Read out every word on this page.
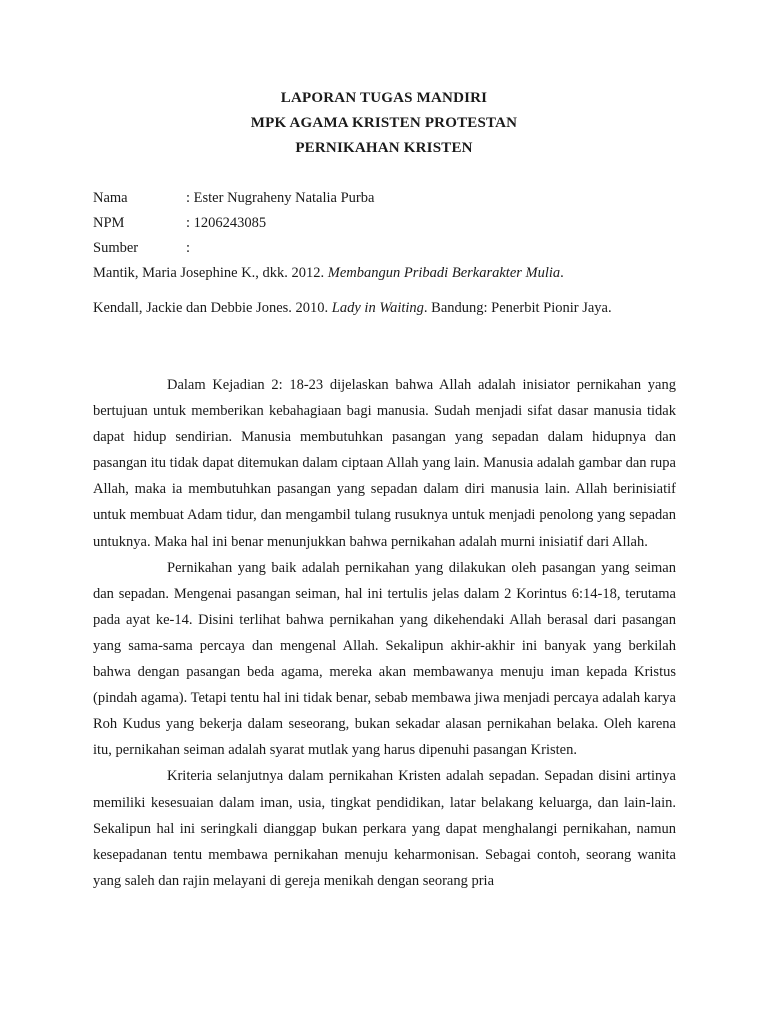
LAPORAN TUGAS MANDIRI
MPK AGAMA KRISTEN PROTESTAN
PERNIKAHAN KRISTEN
Nama	: Ester Nugraheny Natalia Purba
NPM	: 1206243085
Sumber	:
Mantik, Maria Josephine K., dkk. 2012. Membangun Pribadi Berkarakter Mulia.
Kendall, Jackie dan Debbie Jones. 2010. Lady in Waiting. Bandung: Penerbit Pionir Jaya.

Dalam Kejadian 2: 18-23 dijelaskan bahwa Allah adalah inisiator pernikahan yang bertujuan untuk memberikan kebahagiaan bagi manusia. Sudah menjadi sifat dasar manusia tidak dapat hidup sendirian. Manusia membutuhkan pasangan yang sepadan dalam hidupnya dan pasangan itu tidak dapat ditemukan dalam ciptaan Allah yang lain. Manusia adalah gambar dan rupa Allah, maka ia membutuhkan pasangan yang sepadan dalam diri manusia lain. Allah berinisiatif untuk membuat Adam tidur, dan mengambil tulang rusuknya untuk menjadi penolong yang sepadan untuknya. Maka hal ini benar menunjukkan bahwa pernikahan adalah murni inisiatif dari Allah.

Pernikahan yang baik adalah pernikahan yang dilakukan oleh pasangan yang seiman dan sepadan. Mengenai pasangan seiman, hal ini tertulis jelas dalam 2 Korintus 6:14-18, terutama pada ayat ke-14. Disini terlihat bahwa pernikahan yang dikehendaki Allah berasal dari pasangan yang sama-sama percaya dan mengenal Allah. Sekalipun akhir-akhir ini banyak yang berkilah bahwa dengan pasangan beda agama, mereka akan membawanya menuju iman kepada Kristus (pindah agama). Tetapi tentu hal ini tidak benar, sebab membawa jiwa menjadi percaya adalah karya Roh Kudus yang bekerja dalam seseorang, bukan sekadar alasan pernikahan belaka. Oleh karena itu, pernikahan seiman adalah syarat mutlak yang harus dipenuhi pasangan Kristen.

Kriteria selanjutnya dalam pernikahan Kristen adalah sepadan. Sepadan disini artinya memiliki kesesuaian dalam iman, usia, tingkat pendidikan, latar belakang keluarga, dan lain-lain. Sekalipun hal ini seringkali dianggap bukan perkara yang dapat menghalangi pernikahan, namun kesepadanan tentu membawa pernikahan menuju keharmonisan. Sebagai contoh, seorang wanita yang saleh dan rajin melayani di gereja menikah dengan seorang pria
